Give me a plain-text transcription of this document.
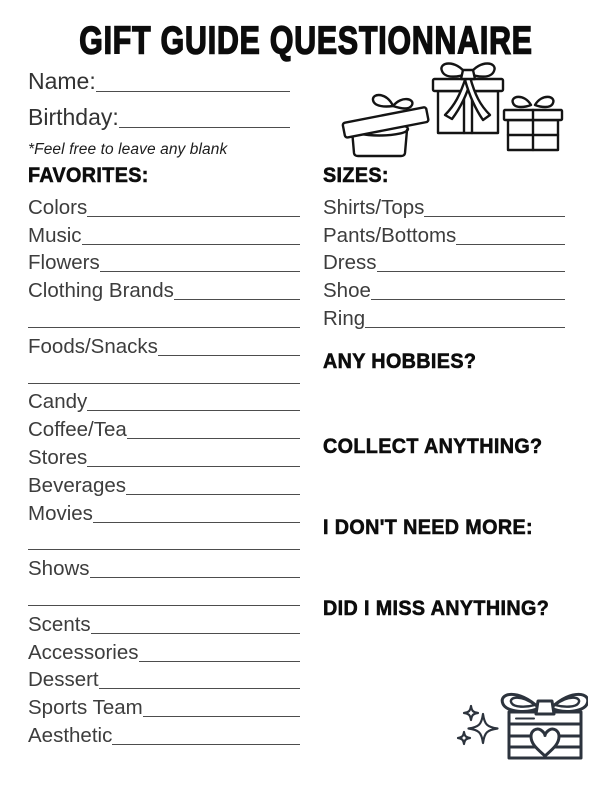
GIFT GUIDE QUESTIONNAIRE
Name:
Birthday:
*Feel free to leave any blank
FAVORITES:
Colors
Music
Flowers
Clothing Brands
Foods/Snacks
Candy
Coffee/Tea
Stores
Beverages
Movies
Shows
Scents
Accessories
Dessert
Sports Team
Aesthetic
SIZES:
Shirts/Tops
Pants/Bottoms
Dress
Shoe
Ring
ANY HOBBIES?
COLLECT ANYTHING?
I DON'T NEED MORE:
DID I MISS ANYTHING?
